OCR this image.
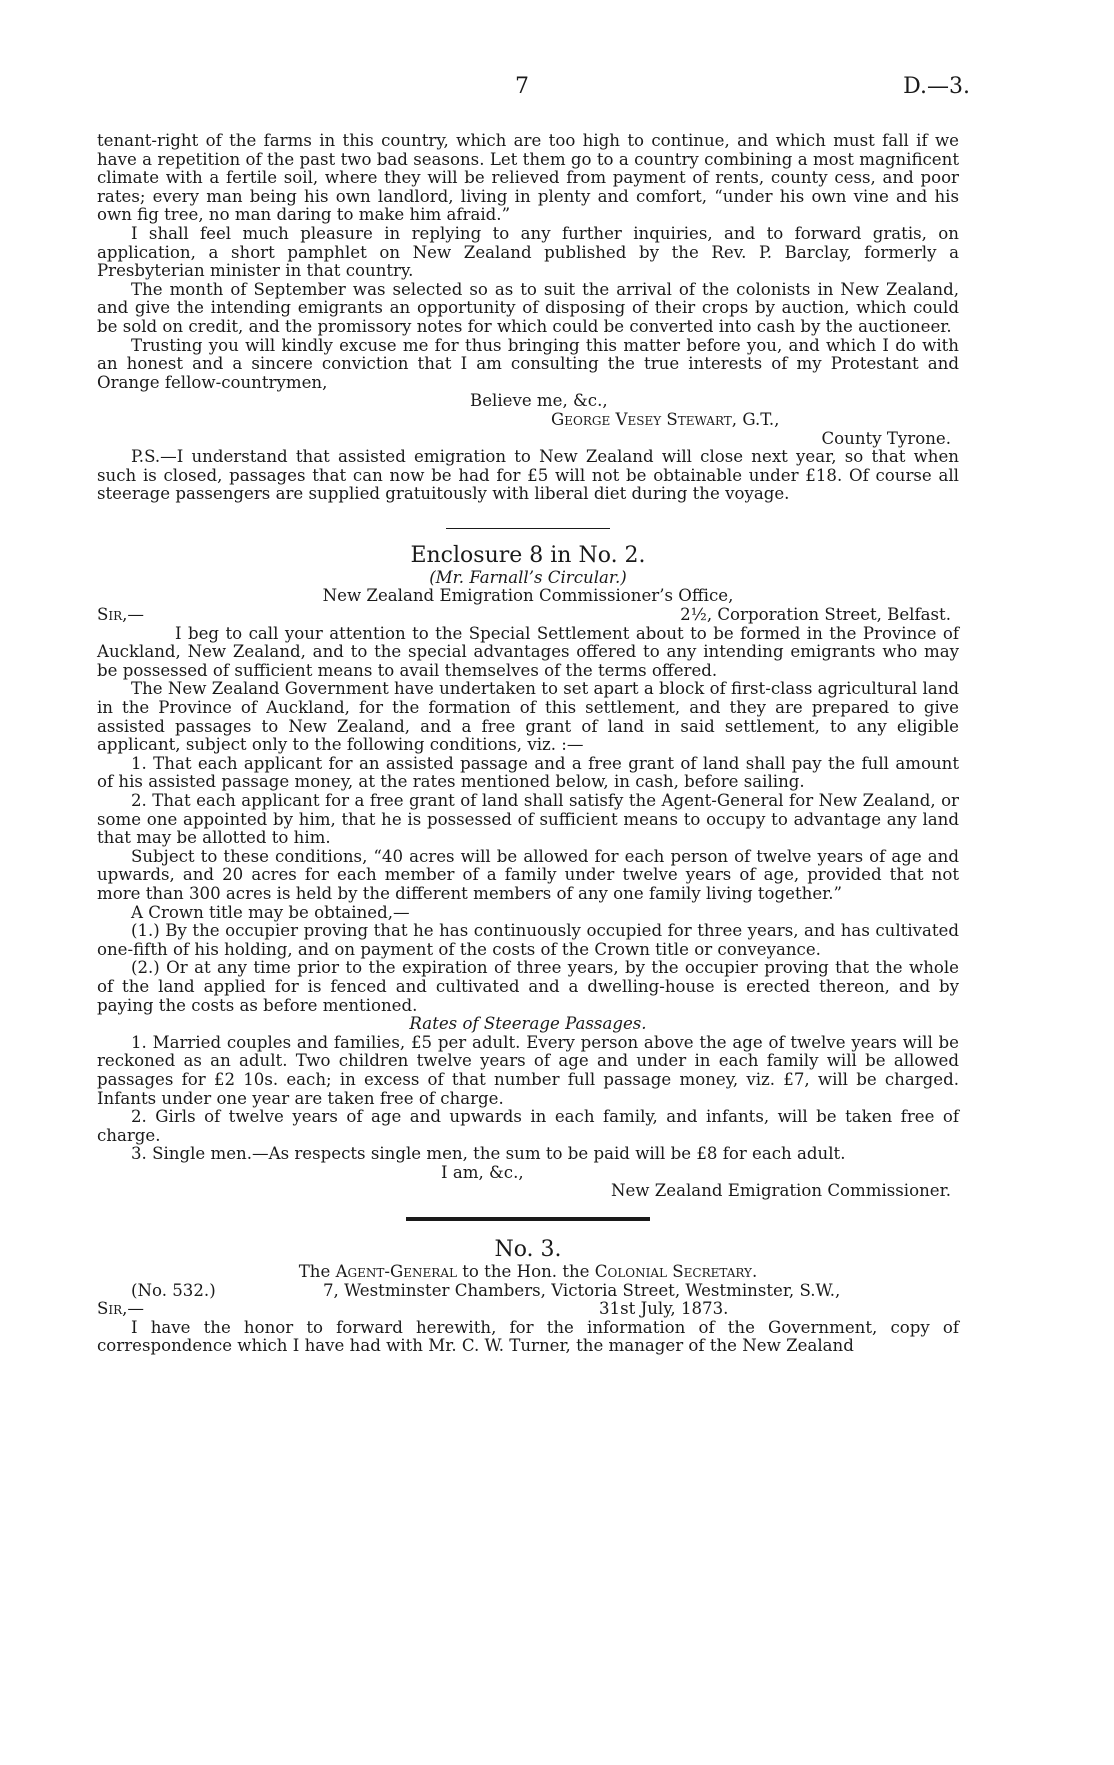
7	D.—3.

tenant-right of the farms in this country, which are too high to continue, and which must fall if we have a repetition of the past two bad seasons. Let them go to a country combining a most magnificent climate with a fertile soil, where they will be relieved from payment of rents, county cess, and poor rates; every man being his own landlord, living in plenty and comfort, “under his own vine and his own fig tree, no man daring to make him afraid.”

I shall feel much pleasure in replying to any further inquiries, and to forward gratis, on application, a short pamphlet on New Zealand published by the Rev. P. Barclay, formerly a Presbyterian minister in that country.

The month of September was selected so as to suit the arrival of the colonists in New Zealand, and give the intending emigrants an opportunity of disposing of their crops by auction, which could be sold on credit, and the promissory notes for which could be converted into cash by the auctioneer.

Trusting you will kindly excuse me for thus bringing this matter before you, and which I do with an honest and a sincere conviction that I am consulting the true interests of my Protestant and Orange fellow-countrymen,

Believe me, &c.,
George Vesey Stewart, G.T.,
County Tyrone.

P.S.—I understand that assisted emigration to New Zealand will close next year, so that when such is closed, passages that can now be had for £5 will not be obtainable under £18. Of course all steerage passengers are supplied gratuitously with liberal diet during the voyage.

Enclosure 8 in No. 2.

(Mr. Farnall’s Circular.)

New Zealand Emigration Commissioner’s Office,

Sir,—	2½, Corporation Street, Belfast.

I beg to call your attention to the Special Settlement about to be formed in the Province of Auckland, New Zealand, and to the special advantages offered to any intending emigrants who may be possessed of sufficient means to avail themselves of the terms offered.

The New Zealand Government have undertaken to set apart a block of first-class agricultural land in the Province of Auckland, for the formation of this settlement, and they are prepared to give assisted passages to New Zealand, and a free grant of land in said settlement, to any eligible applicant, subject only to the following conditions, viz. :—

1. That each applicant for an assisted passage and a free grant of land shall pay the full amount of his assisted passage money, at the rates mentioned below, in cash, before sailing.

2. That each applicant for a free grant of land shall satisfy the Agent-General for New Zealand, or some one appointed by him, that he is possessed of sufficient means to occupy to advantage any land that may be allotted to him.

Subject to these conditions, “40 acres will be allowed for each person of twelve years of age and upwards, and 20 acres for each member of a family under twelve years of age, provided that not more than 300 acres is held by the different members of any one family living together.”

A Crown title may be obtained,—

(1.) By the occupier proving that he has continuously occupied for three years, and has cultivated one-fifth of his holding, and on payment of the costs of the Crown title or conveyance.

(2.) Or at any time prior to the expiration of three years, by the occupier proving that the whole of the land applied for is fenced and cultivated and a dwelling-house is erected thereon, and by paying the costs as before mentioned.

Rates of Steerage Passages.

1. Married couples and families, £5 per adult. Every person above the age of twelve years will be reckoned as an adult. Two children twelve years of age and under in each family will be allowed passages for £2 10s. each; in excess of that number full passage money, viz. £7, will be charged. Infants under one year are taken free of charge.

2. Girls of twelve years of age and upwards in each family, and infants, will be taken free of charge.

3. Single men.—As respects single men, the sum to be paid will be £8 for each adult.

I am, &c.,
New Zealand Emigration Commissioner.

No. 3.

The Agent-General to the Hon. the Colonial Secretary.

(No. 532.)	7, Westminster Chambers, Victoria Street, Westminster, S.W.,
Sir,—	31st July, 1873.

I have the honor to forward herewith, for the information of the Government, copy of correspondence which I have had with Mr. C. W. Turner, the manager of the New Zealand
